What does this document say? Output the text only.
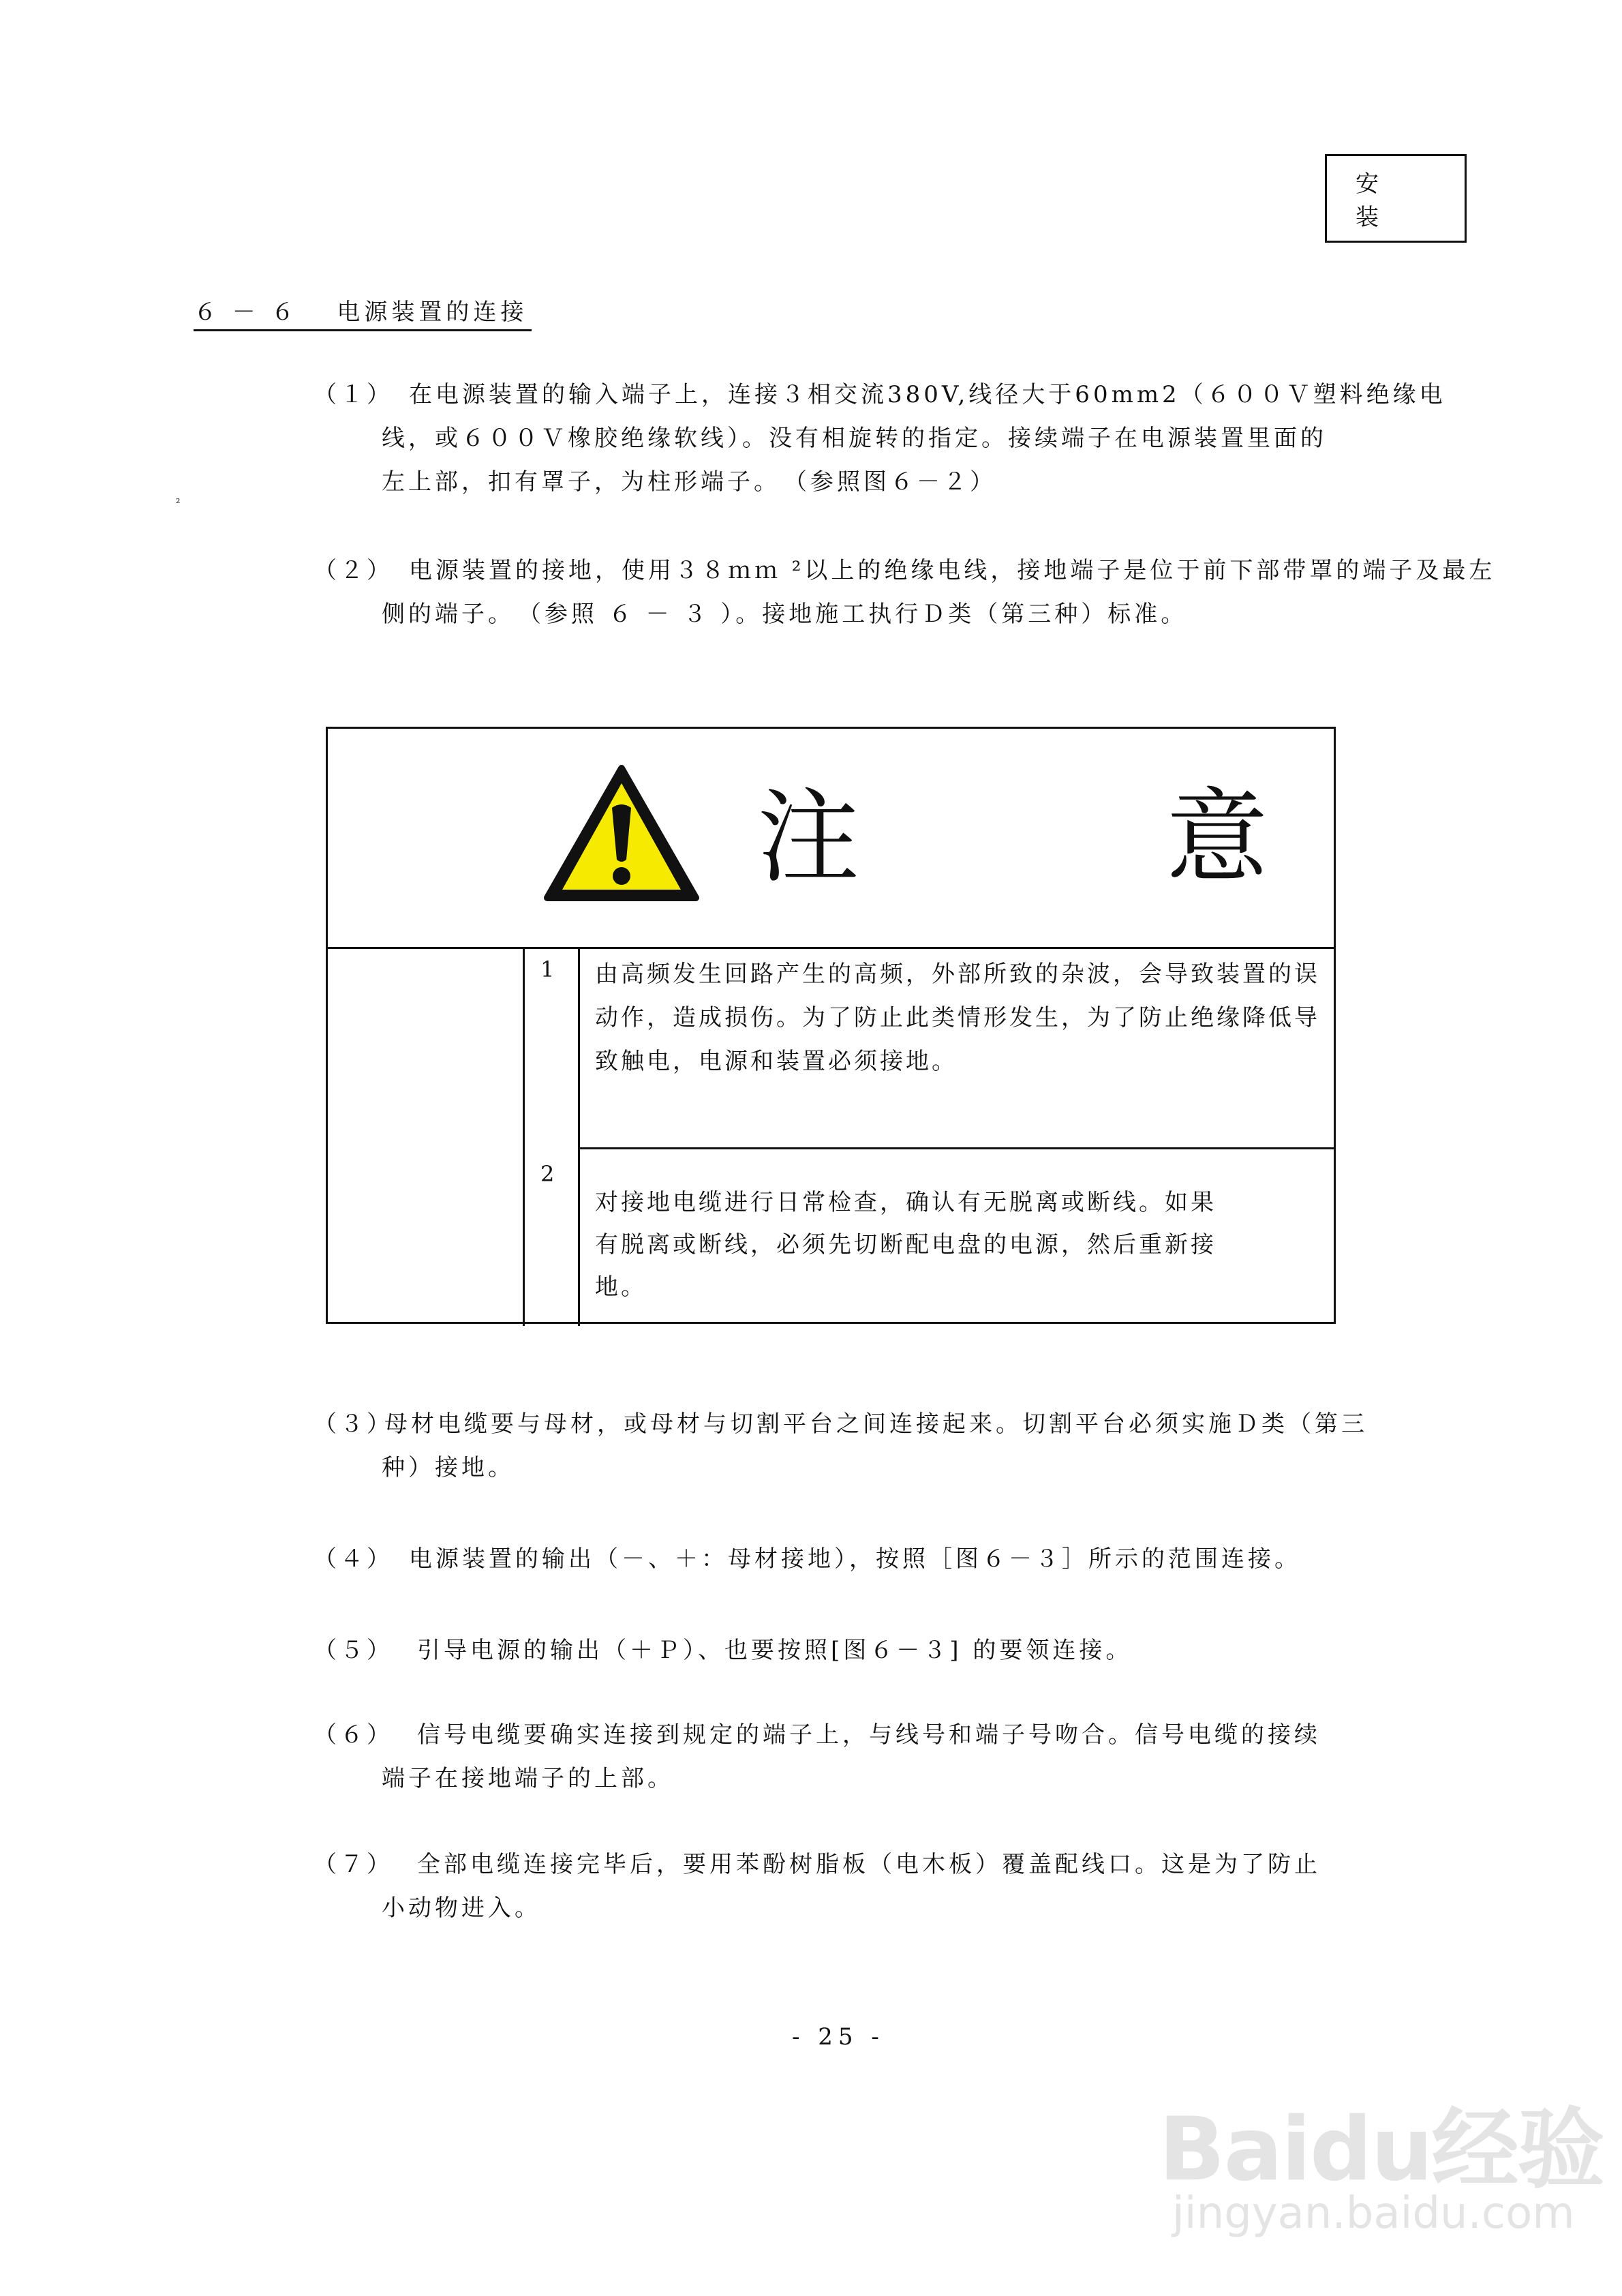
安 装
６ － ６　 电源装置的连接
（１） 在电源装置的输入端子上，连接３相交流380V,线径大于60mm2（６００Ｖ塑料绝缘电
线，或６００Ｖ橡胶绝缘软线）。没有相旋转的指定。接续端子在电源装置里面的
左上部，扣有罩子，为柱形端子。　（参照图６－２）
²
（２） 电源装置的接地，使用３８ｍｍ ²以上的绝缘电线，接地端子是位于前下部带罩的端子及最左
侧的端子。　（参照 ６ － ３ ）。接地施工执行Ｄ类（第三种）标准。
注　意
1 由高频发生回路产生的高频，外部所致的杂波，会导致装置的误
动作，造成损伤。为了防止此类情形发生，为了防止绝缘降低导
致触电，电源和装置必须接地。
2
对接地电缆进行日常检查，确认有无脱离或断线。如果
有脱离或断线，必须先切断配电盘的电源，然后重新接
地。
（３）
母材电缆要与母材，或母材与切割平台之间连接起来。切割平台必须实施Ｄ类（第三
种）接地。
（４） 电源装置的输出（－、＋：母材接地），按照［图６－３］所示的范围连接。
（５）	引导电源的输出（＋Ｐ）、也要按照[图６－３] 的要领连接。
（６）	信号电缆要确实连接到规定的端子上，与线号和端子号吻合。信号电缆的接续
端子在接地端子的上部。
（７）	全部电缆连接完毕后，要用苯酚树脂板（电木板）覆盖配线口。这是为了防止
小动物进入。
- 25 -
Baidu经验
jingyan.baidu.com
